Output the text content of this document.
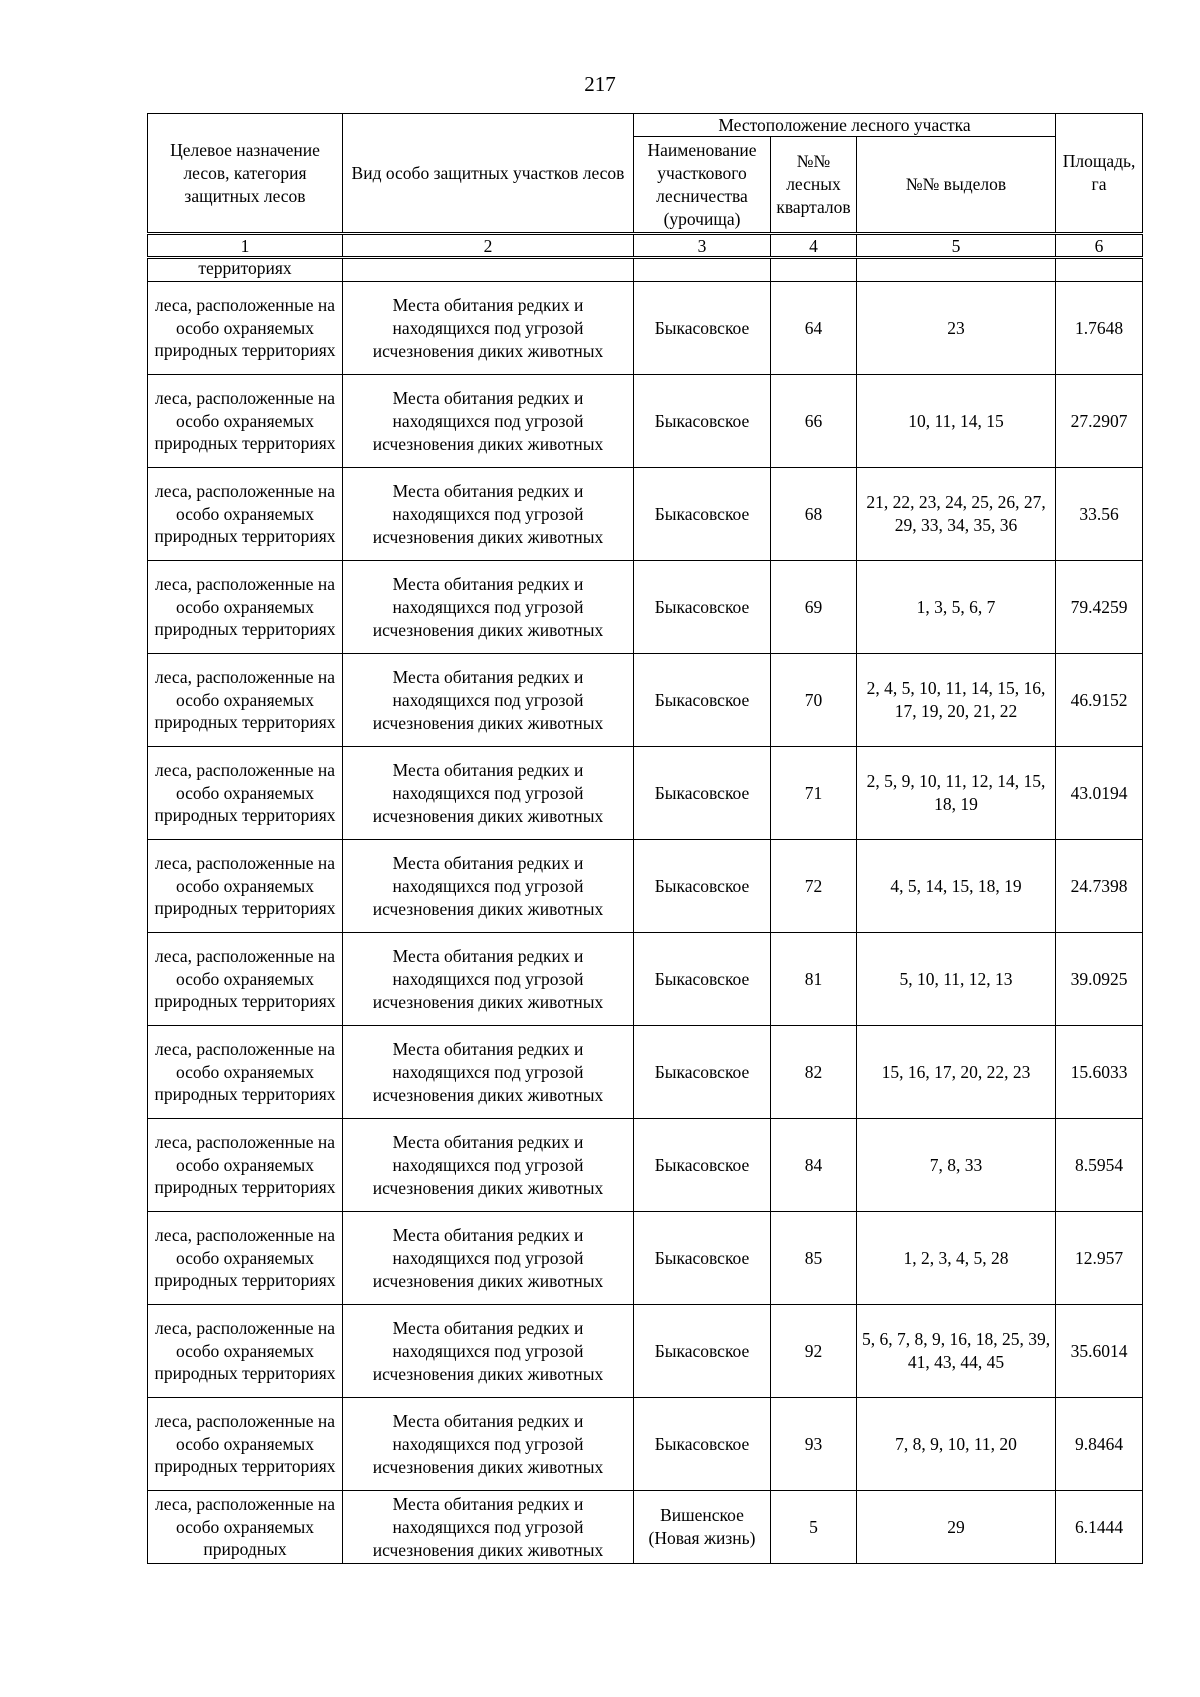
217
Целевое назначение лесов, категория защитных лесов	Вид особо защитных участков лесов	Местоположение лесного участка			Площадь, га
		Наименование участкового лесничества (урочища)	№№ лесных кварталов	№№ выделов	
1	2	3	4	5	6
территориях					
леса, расположенные на особо охраняемых природных территориях	Места обитания редких и находящихся под угрозой исчезновения диких животных	Быкасовское	64	23	1.7648
леса, расположенные на особо охраняемых природных территориях	Места обитания редких и находящихся под угрозой исчезновения диких животных	Быкасовское	66	10, 11, 14, 15	27.2907
леса, расположенные на особо охраняемых природных территориях	Места обитания редких и находящихся под угрозой исчезновения диких животных	Быкасовское	68	21, 22, 23, 24, 25, 26, 27, 29, 33, 34, 35, 36	33.56
леса, расположенные на особо охраняемых природных территориях	Места обитания редких и находящихся под угрозой исчезновения диких животных	Быкасовское	69	1, 3, 5, 6, 7	79.4259
леса, расположенные на особо охраняемых природных территориях	Места обитания редких и находящихся под угрозой исчезновения диких животных	Быкасовское	70	2, 4, 5, 10, 11, 14, 15, 16, 17, 19, 20, 21, 22	46.9152
леса, расположенные на особо охраняемых природных территориях	Места обитания редких и находящихся под угрозой исчезновения диких животных	Быкасовское	71	2, 5, 9, 10, 11, 12, 14, 15, 18, 19	43.0194
леса, расположенные на особо охраняемых природных территориях	Места обитания редких и находящихся под угрозой исчезновения диких животных	Быкасовское	72	4, 5, 14, 15, 18, 19	24.7398
леса, расположенные на особо охраняемых природных территориях	Места обитания редких и находящихся под угрозой исчезновения диких животных	Быкасовское	81	5, 10, 11, 12, 13	39.0925
леса, расположенные на особо охраняемых природных территориях	Места обитания редких и находящихся под угрозой исчезновения диких животных	Быкасовское	82	15, 16, 17, 20, 22, 23	15.6033
леса, расположенные на особо охраняемых природных территориях	Места обитания редких и находящихся под угрозой исчезновения диких животных	Быкасовское	84	7, 8, 33	8.5954
леса, расположенные на особо охраняемых природных территориях	Места обитания редких и находящихся под угрозой исчезновения диких животных	Быкасовское	85	1, 2, 3, 4, 5, 28	12.957
леса, расположенные на особо охраняемых природных территориях	Места обитания редких и находящихся под угрозой исчезновения диких животных	Быкасовское	92	5, 6, 7, 8, 9, 16, 18, 25, 39, 41, 43, 44, 45	35.6014
леса, расположенные на особо охраняемых природных территориях	Места обитания редких и находящихся под угрозой исчезновения диких животных	Быкасовское	93	7, 8, 9, 10, 11, 20	9.8464
леса, расположенные на особо охраняемых природных	Места обитания редких и находящихся под угрозой исчезновения диких животных	Вишенское (Новая жизнь)	5	29	6.1444
